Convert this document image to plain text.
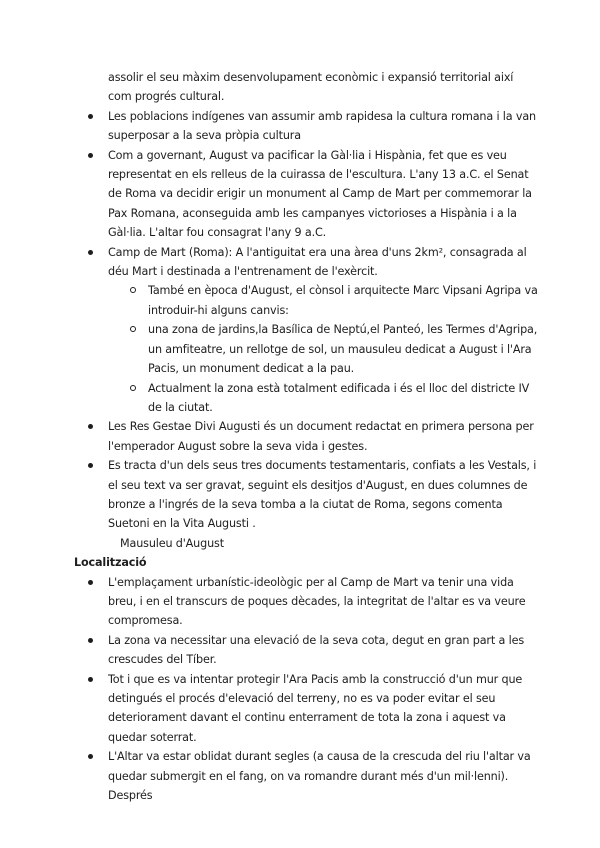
assolir el seu màxim desenvolupament econòmic i expansió territorial així com progrés cultural.
Les poblacions indígenes van assumir amb rapidesa la cultura romana i la van superposar a la seva pròpia cultura
Com a governant, August va pacificar la Gàl·lia i Hispània, fet que es veu representat en els relleus de la cuirassa de l'escultura. L'any 13 a.C. el Senat de Roma va decidir erigir un monument al Camp de Mart per commemorar la Pax Romana, aconseguida amb les campanyes victorioses a Hispània i a la Gàl·lia. L'altar fou consagrat l'any 9 a.C.
Camp de Mart (Roma): A l'antiguitat era una àrea d'uns 2km², consagrada al déu Mart i destinada a l'entrenament de l'exèrcit.
També en època d'August, el cònsol i arquitecte Marc Vipsani Agripa va introduir-hi alguns canvis:
una zona de jardins,la Basílica de Neptú,el Panteó, les Termes d'Agripa, un amfiteatre, un rellotge de sol, un mausuleu dedicat a August i l'Ara Pacis, un monument dedicat a la pau.
Actualment la zona està totalment edificada i és el lloc del districte IV de la ciutat.
Les Res Gestae Divi Augusti és un document redactat en primera persona per l'emperador August sobre la seva vida i gestes.
Es tracta d'un dels seus tres documents testamentaris, confiats a les Vestals, i el seu text va ser gravat, seguint els desitjos d'August, en dues columnes de bronze a l'ingrés de la seva tomba a la ciutat de Roma, segons comenta Suetoni en la Vita Augusti .
Mausuleu d'August
Localització
L'emplaçament urbanístic-ideològic per al Camp de Mart va tenir una vida breu, i en el transcurs de poques dècades, la integritat de l'altar es va veure compromesa.
La zona va necessitar una elevació de la seva cota, degut en gran part a les crescudes del Tíber.
Tot i que es va intentar protegir l'Ara Pacis amb la construcció d'un mur que detingués el procés d'elevació del terreny, no es va poder evitar el seu deteriorament davant el continu enterrament de tota la zona i aquest va quedar soterrat.
L'Altar va estar oblidat durant segles (a causa de la crescuda del riu l'altar va quedar submergit en el fang, on va romandre durant més d'un mil·lenni). Després
